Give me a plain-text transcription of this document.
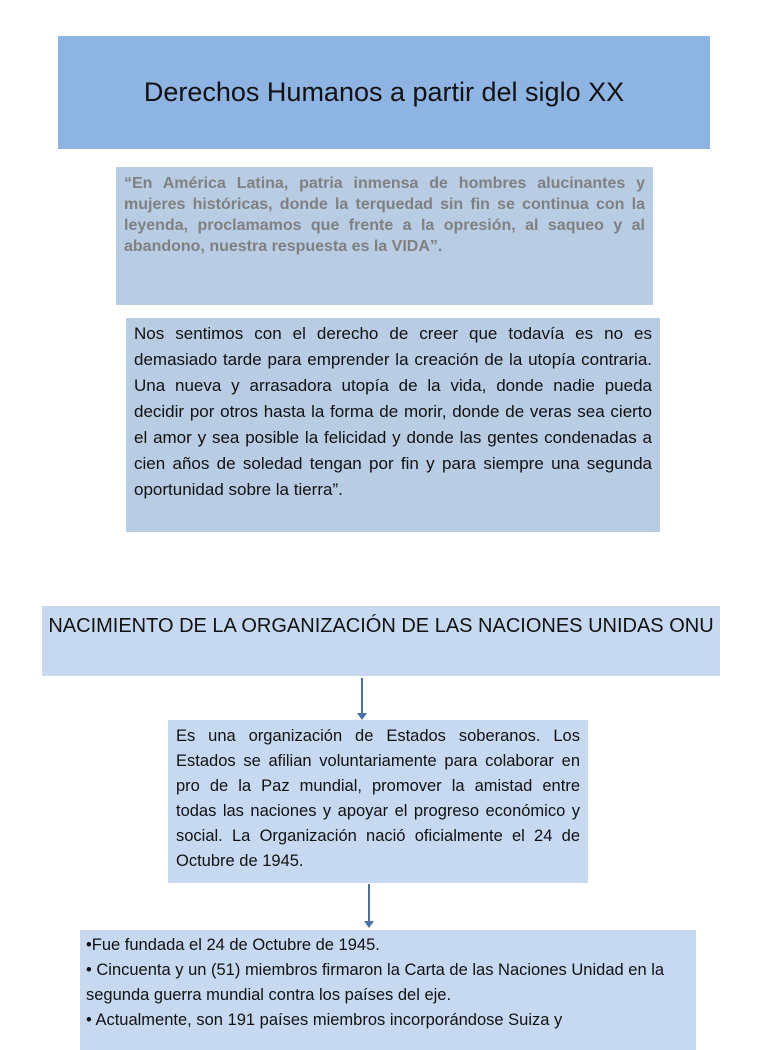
Derechos Humanos a partir del siglo XX
“En América Latina, patria inmensa de hombres alucinantes y mujeres históricas, donde la terquedad sin fin se continua con la leyenda, proclamamos que frente a la opresión, al saqueo y al abandono, nuestra respuesta es la VIDA”.
Nos sentimos con el derecho de creer que todavía es no es demasiado tarde para emprender la creación de la utopía contraria. Una nueva y arrasadora utopía de la vida, donde nadie pueda decidir por otros hasta la forma de morir, donde de veras sea cierto el amor y sea posible la felicidad y donde las gentes condenadas a cien años de soledad tengan por fin y para siempre una segunda oportunidad sobre la tierra”.
NACIMIENTO DE LA ORGANIZACIÓN DE LAS NACIONES UNIDAS ONU
Es una organización de Estados soberanos. Los Estados se afilian voluntariamente para colaborar en pro de la Paz mundial, promover la amistad entre todas las naciones y apoyar el progreso económico y social. La Organización nació oficialmente el 24 de Octubre de 1945.
•Fue fundada el 24 de Octubre de 1945.
• Cincuenta y un (51) miembros firmaron la Carta de las Naciones Unidad en la segunda guerra mundial contra los países del eje.
• Actualmente, son 191 países miembros incorporándose Suiza y
